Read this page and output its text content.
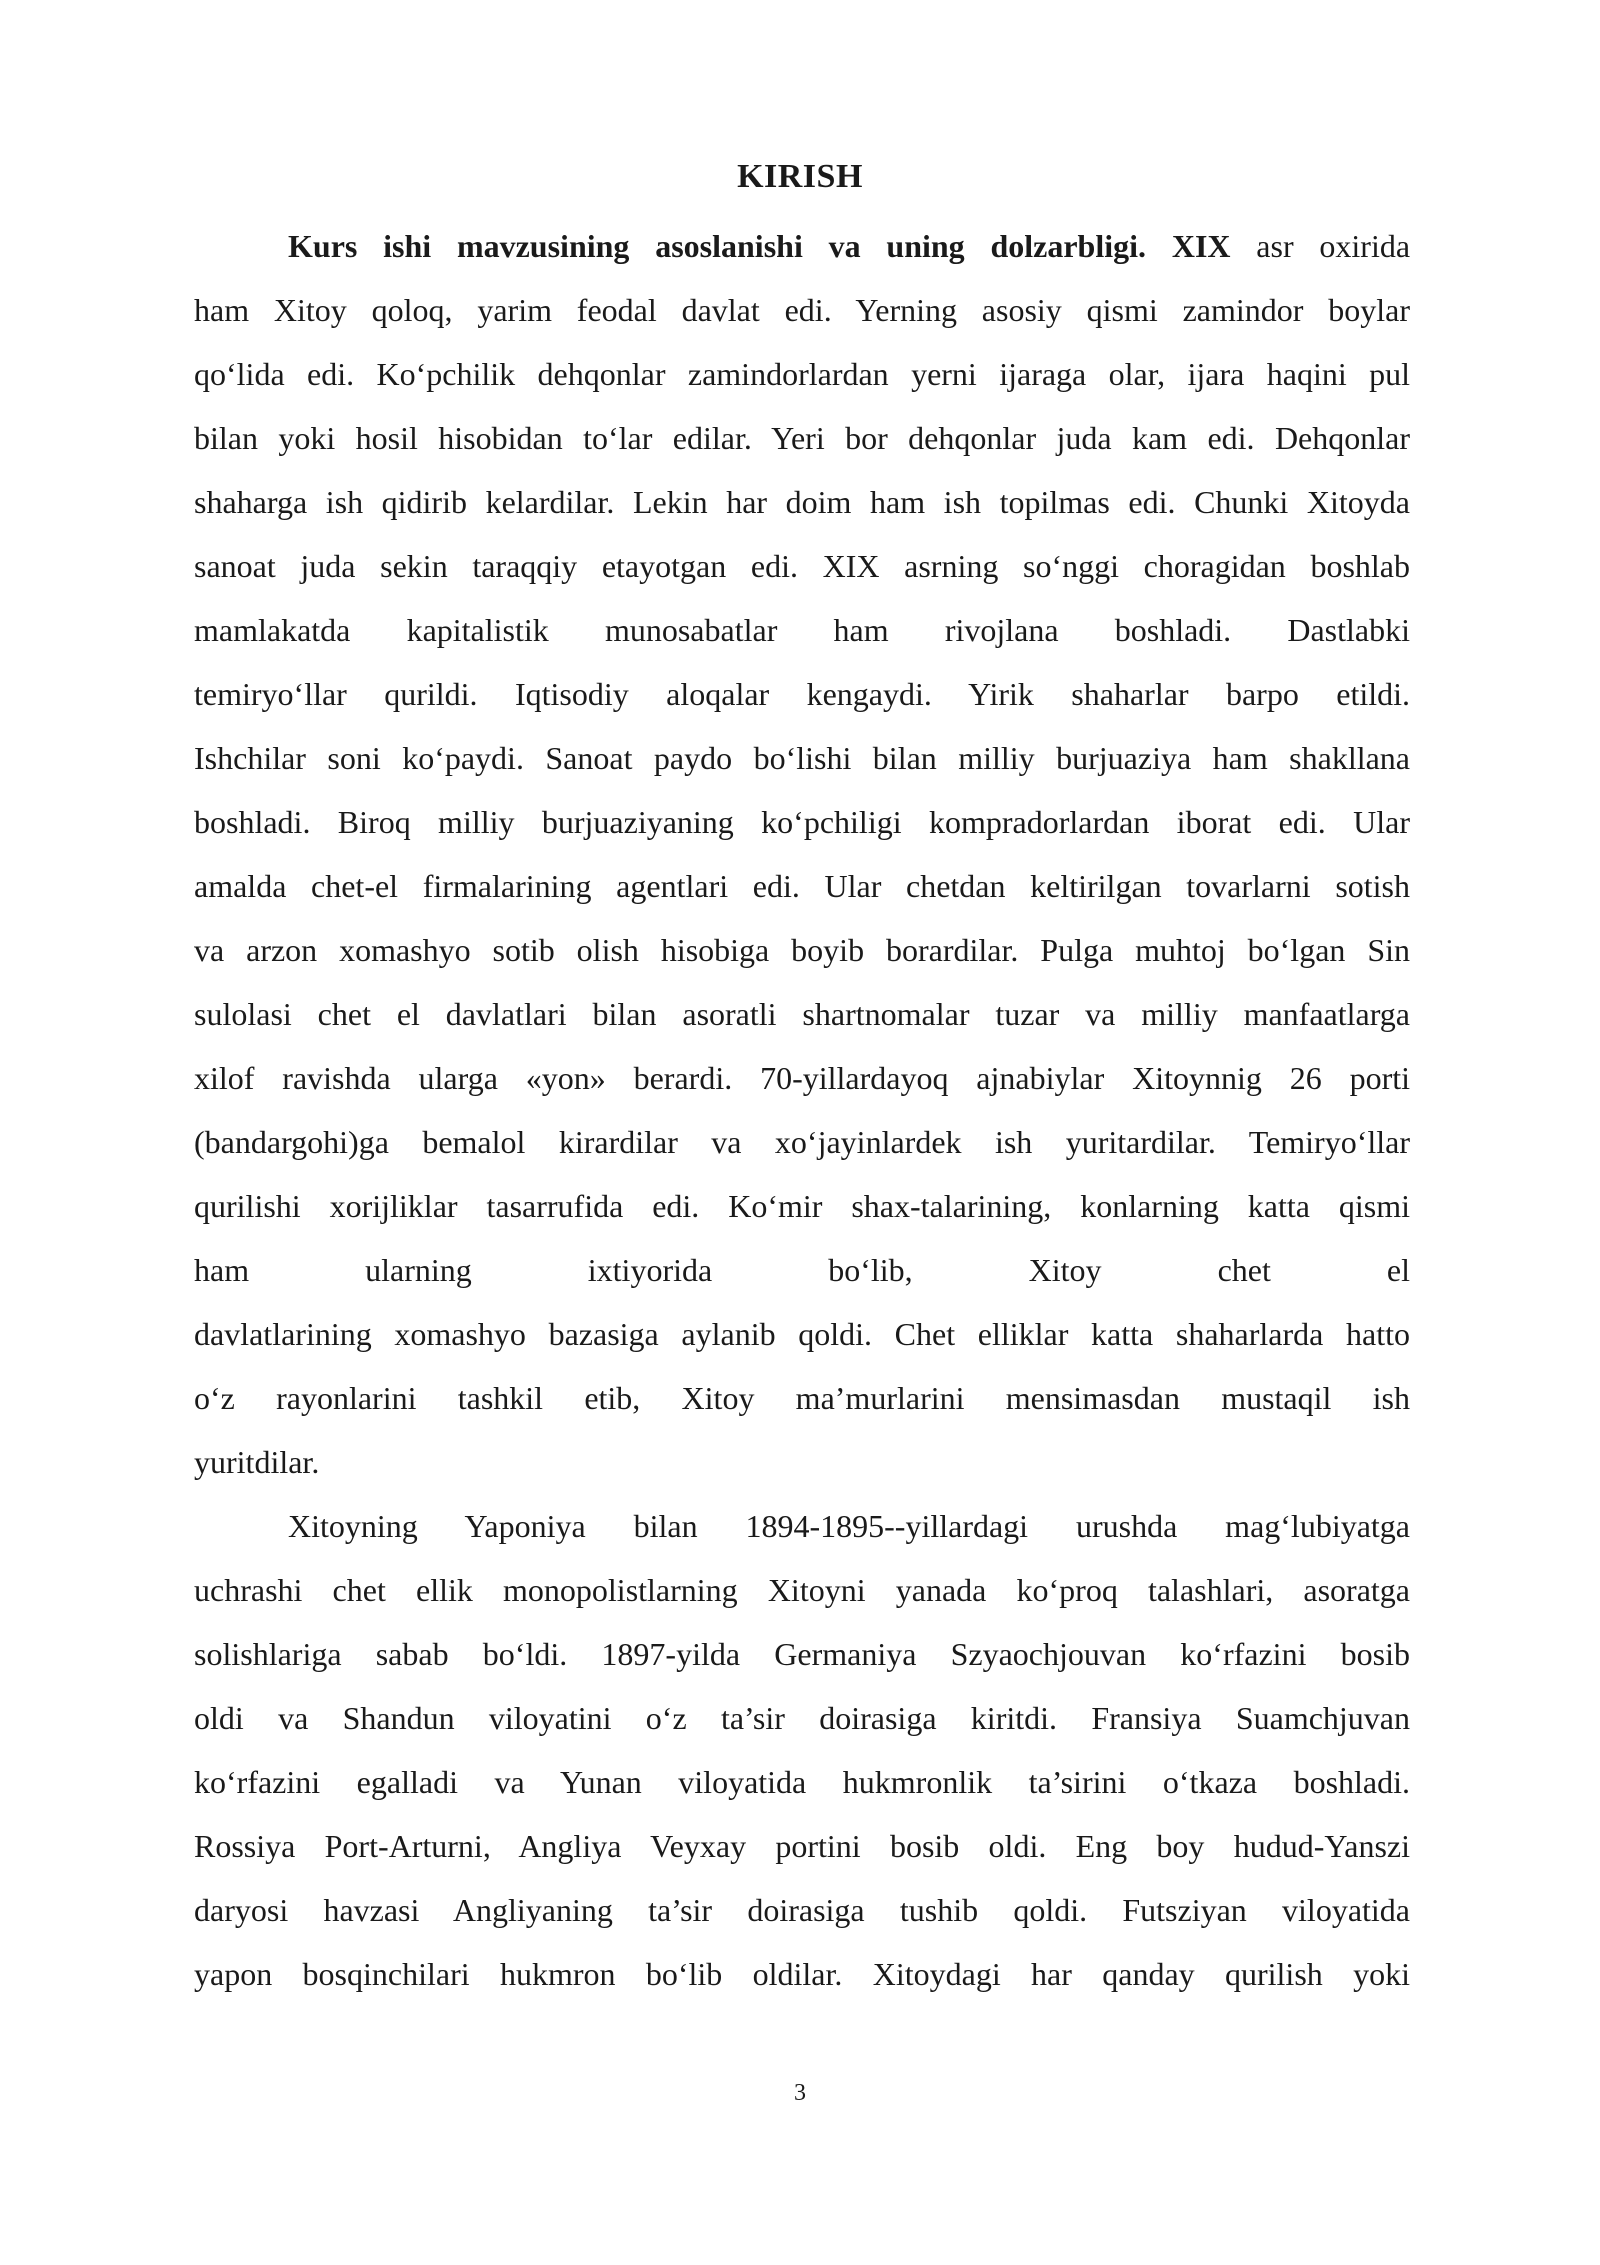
KIRISH
Kurs ishi mavzusining asoslanishi va uning dolzarbligi. XIX asr oxirida
ham Xitoy qoloq, yarim feodal davlat edi. Yerning asosiy qismi zamindor boylar
qo‘lida edi. Ko‘pchilik dehqonlar zamindorlardan yerni ijaraga olar, ijara haqini pul
bilan yoki hosil hisobidan to‘lar edilar. Yeri bor dehqonlar juda kam edi. Dehqonlar
shaharga ish qidirib kelardilar. Lekin har doim ham ish topilmas edi. Chunki Xitoyda
sanoat juda sekin taraqqiy etayotgan edi. XIX asrning so‘nggi choragidan boshlab
mamlakatda kapitalistik munosabatlar ham rivojlana boshladi. Dastlabki
temiryo‘llar qurildi. Iqtisodiy aloqalar kengaydi. Yirik shaharlar barpo etildi.
Ishchilar soni ko‘paydi. Sanoat paydo bo‘lishi bilan milliy burjuaziya ham shakllana
boshladi. Biroq milliy burjuaziyaning ko‘pchiligi kompradorlardan iborat edi. Ular
amalda chet-el firmalarining agentlari edi. Ular chetdan keltirilgan tovarlarni sotish
va arzon xomashyo sotib olish hisobiga boyib borardilar. Pulga muhtoj bo‘lgan Sin
sulolasi chet el davlatlari bilan asoratli shartnomalar tuzar va milliy manfaatlarga
xilof ravishda ularga «yon» berardi. 70-yillardayoq ajnabiylar Xitoynnig 26 porti
(bandargohi)ga bemalol kirardilar va xo‘jayinlardek ish yuritardilar. Temiryo‘llar
qurilishi xorijliklar tasarrufida edi. Ko‘mir shax-talarining, konlarning katta qismi
ham	ularning	ixtiyorida	bo‘lib,	Xitoy	chet	el
davlatlarining xomashyo bazasiga aylanib qoldi. Chet elliklar katta shaharlarda hatto
o‘z rayonlarini tashkil etib, Xitoy ma’murlarini mensimasdan mustaqil ish
yuritdilar.
Xitoyning Yaponiya bilan 1894-1895--yillardagi urushda mag‘lubiyatga
uchrashi chet ellik monopolistlarning Xitoyni yanada ko‘proq talashlari, asoratga
solishlariga sabab bo‘ldi. 1897-yilda Germaniya Szyaochjouvan ko‘rfazini bosib
oldi va Shandun viloyatini o‘z ta’sir doirasiga kiritdi. Fransiya Suamchjuvan
ko‘rfazini egalladi va Yunan viloyatida hukmronlik ta’sirini o‘tkaza boshladi.
Rossiya Port-Arturni, Angliya Veyxay portini bosib oldi. Eng boy hudud-Yanszi
daryosi havzasi Angliyaning ta’sir doirasiga tushib qoldi. Futsziyan viloyatida
yapon bosqinchilari hukmron bo‘lib oldilar. Xitoydagi har qanday qurilish yoki
3
